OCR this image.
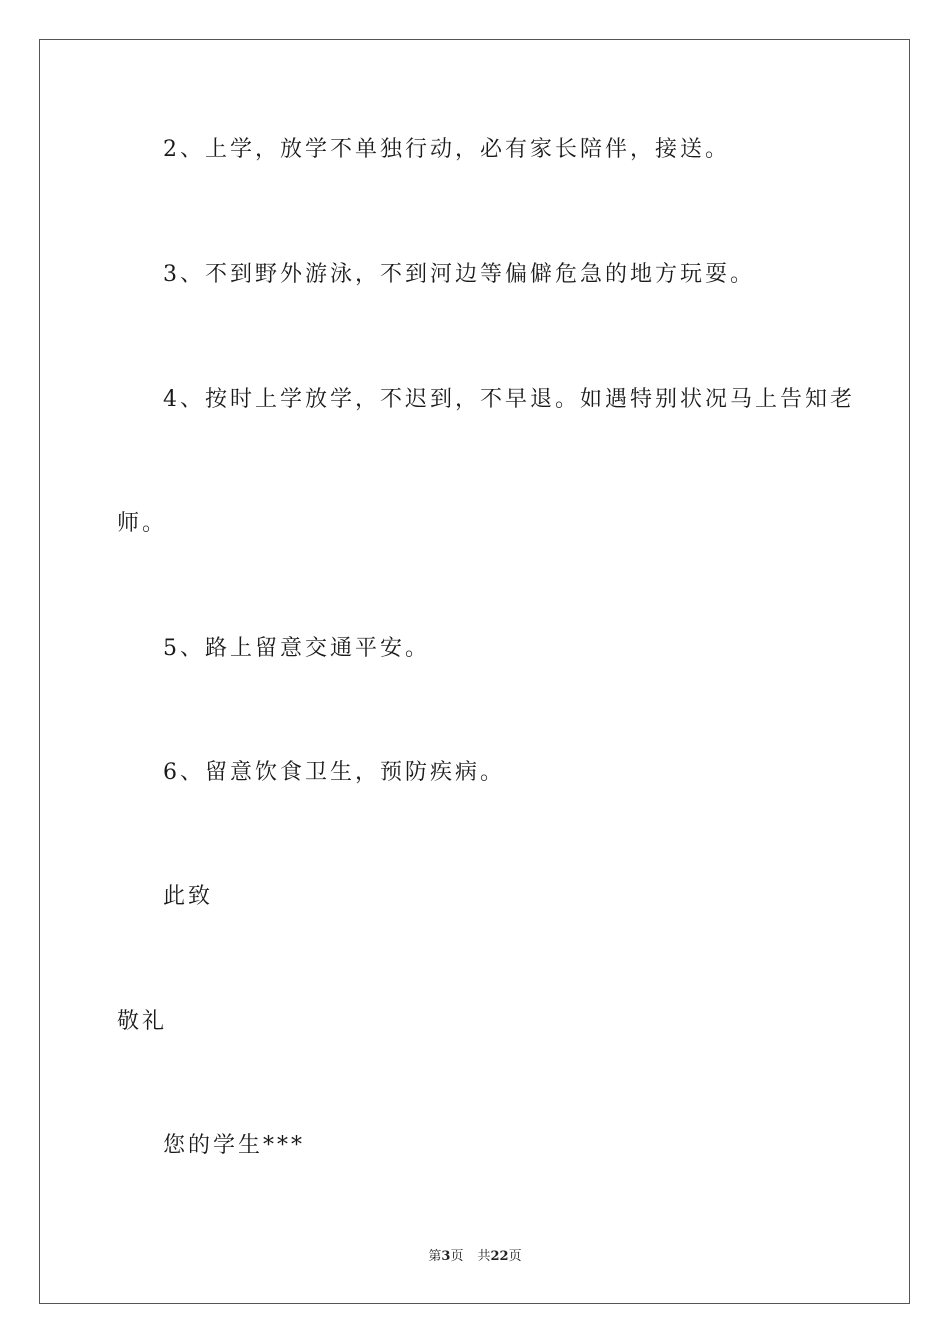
2、上学，放学不单独行动，必有家长陪伴，接送。
3、不到野外游泳，不到河边等偏僻危急的地方玩耍。
4、按时上学放学，不迟到，不早退。如遇特别状况马上告知老
师。
5、路上留意交通平安。
6、留意饮食卫生，预防疾病。
此致
敬礼
您的学生***
第3页 共22页
